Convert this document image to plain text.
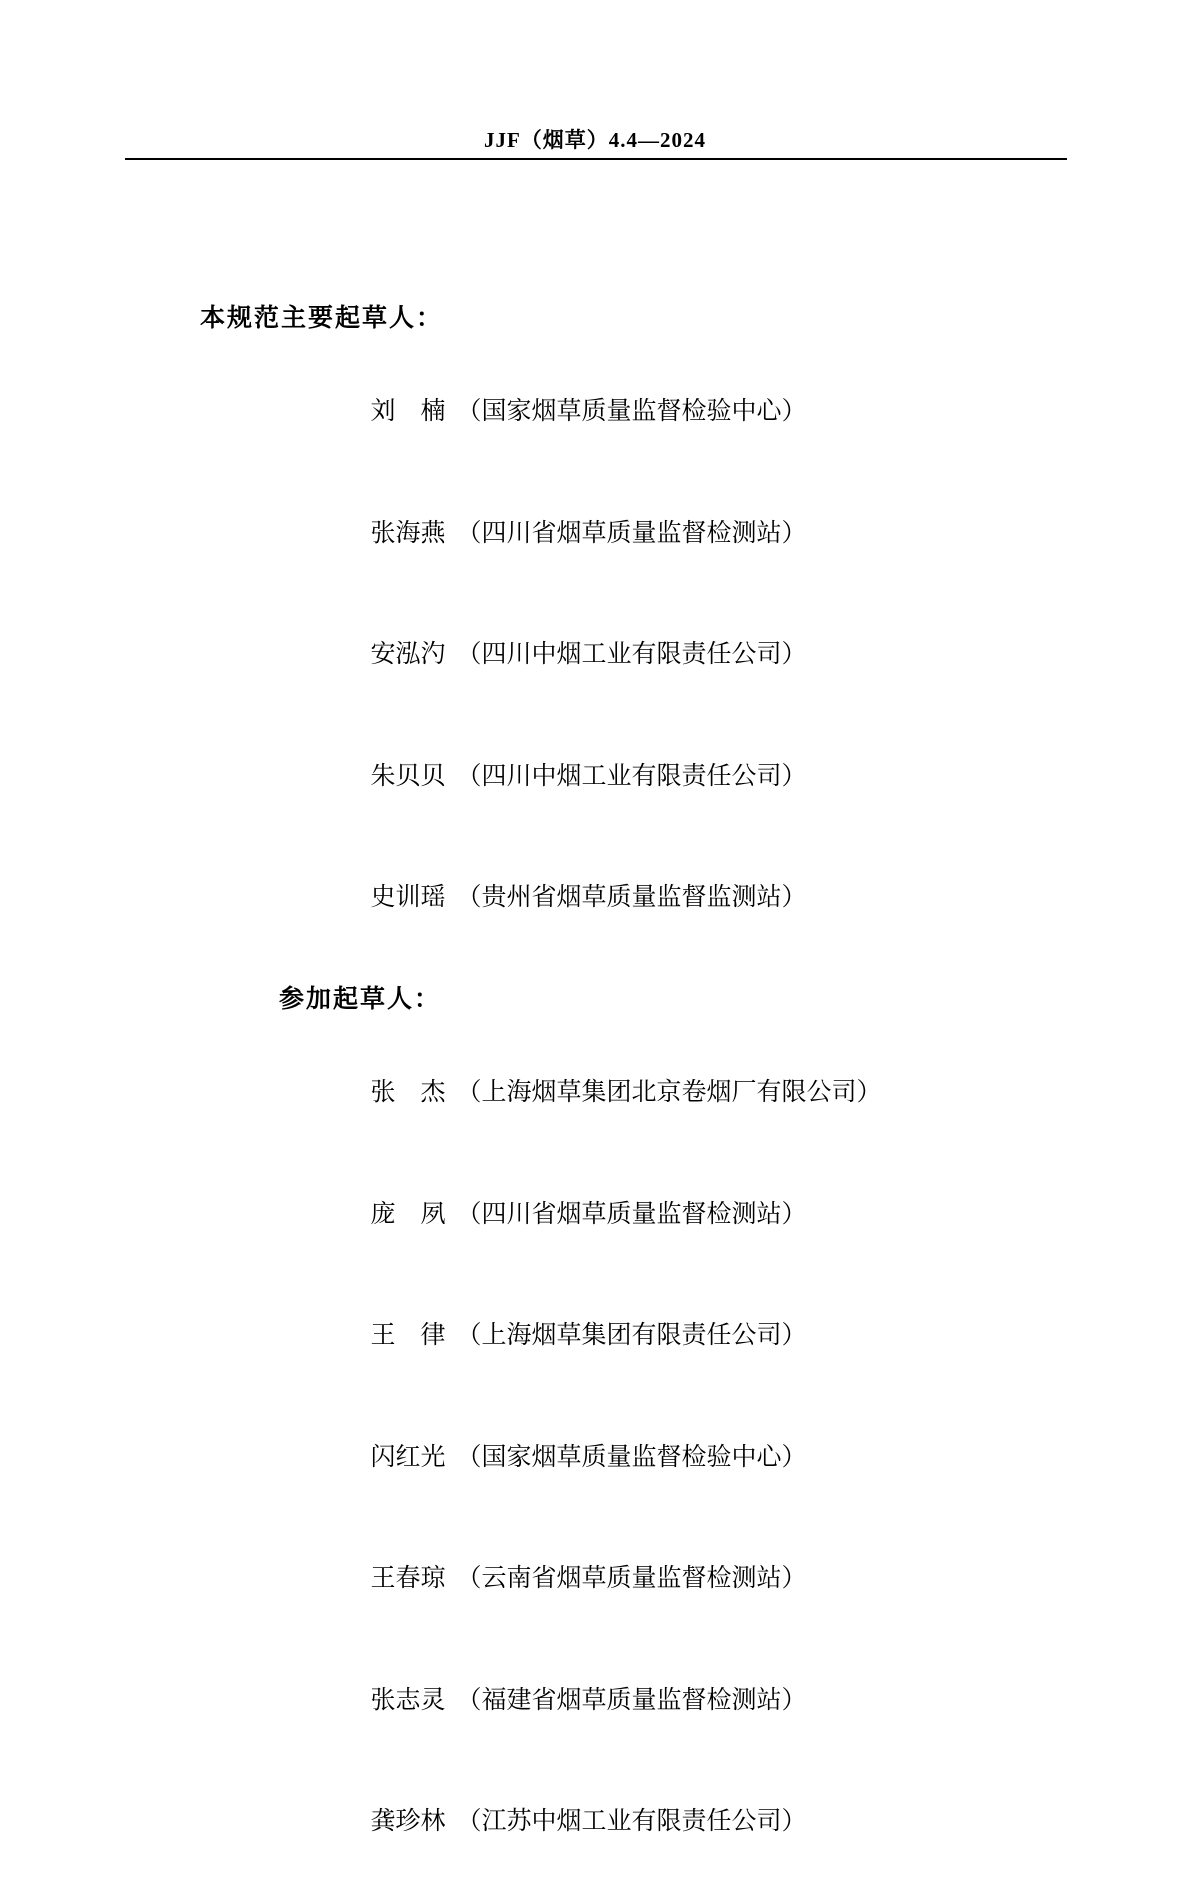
JJF（烟草）4.4—2024
本规范主要起草人：

刘　楠 （国家烟草质量监督检验中心）

张海燕 （四川省烟草质量监督检测站）

安泓汋 （四川中烟工业有限责任公司）

朱贝贝 （四川中烟工业有限责任公司）

史训瑶 （贵州省烟草质量监督监测站）

参加起草人：

张　杰 （上海烟草集团北京卷烟厂有限公司）

庞　夙 （四川省烟草质量监督检测站）

王　律 （上海烟草集团有限责任公司）

闪红光 （国家烟草质量监督检验中心）

王春琼 （云南省烟草质量监督检测站）

张志灵 （福建省烟草质量监督检测站）

龚珍林 （江苏中烟工业有限责任公司）
